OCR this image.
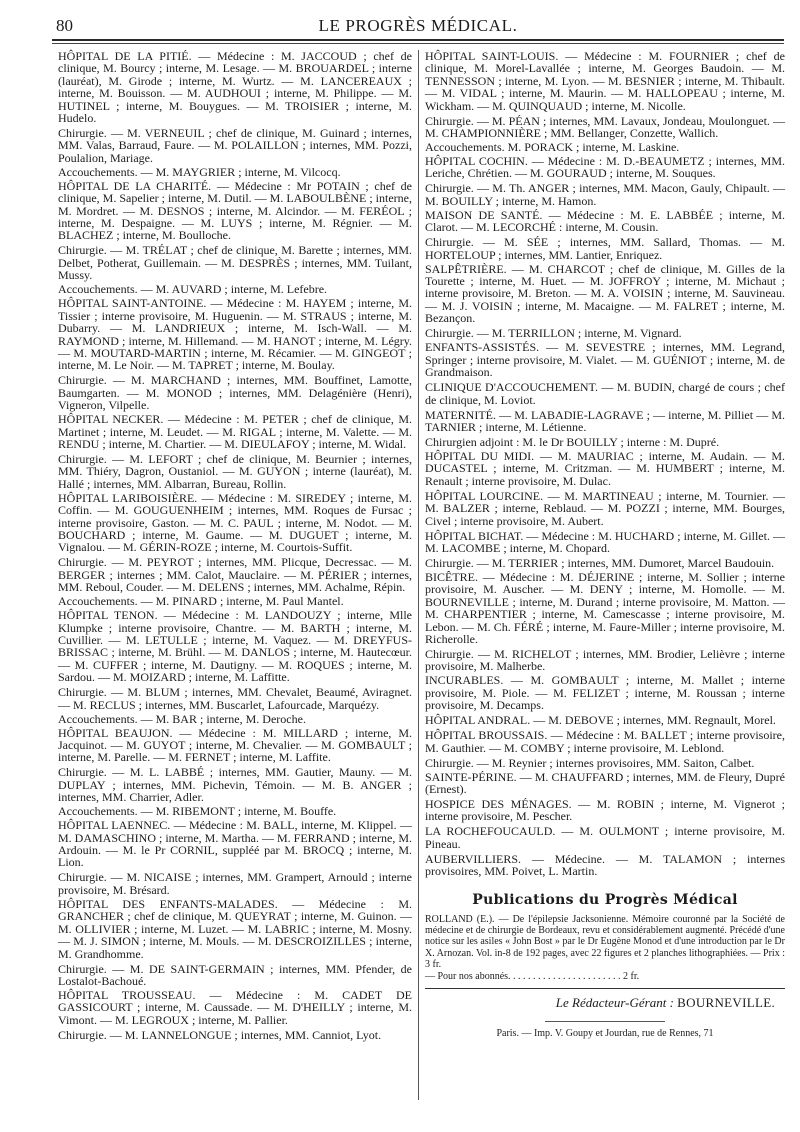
80	LE PROGRÈS MÉDICAL.

HÔPITAL DE LA PITIÉ. — Médecine : M. JACCOUD ; chef de clinique, M. Bourcy ; interne, M. Lesage. — M. BROUARDEL ; interne (lauréat), M. Girode ; interne, M. Wurtz. — M. LANCEREAUX ; interne, M. Bouisson. — M. AUDHOUI ; interne, M. Philippe. — M. HUTINEL ; interne, M. Bouygues. — M. TROISIER ; interne, M. Hudelo.

Chirurgie. — M. VERNEUIL ; chef de clinique, M. Guinard ; internes, MM. Valas, Barraud, Faure. — M. POLAILLON ; internes, MM. Pozzi, Poulalion, Mariage.

Accouchements. — M. MAYGRIER ; interne, M. Vilcocq.

HÔPITAL DE LA CHARITÉ. — Médecine : Mr POTAIN ; chef de clinique, M. Sapelier ; interne, M. Dutil. — M. LABOULBÈNE ; interne, M. Mordret. — M. DESNOS ; interne, M. Alcindor. — M. FERÉOL ; interne, M. Despaigne. — M. LUYS ; interne, M. Régnier. — M. BLACHEZ ; interne, M. Boulloche.

Chirurgie. — M. TRÉLAT ; chef de clinique, M. Barette ; internes, MM. Delbet, Potherat, Guillemain. — M. DESPRÈS ; internes, MM. Tuilant, Mussy.

Accouchements. — M. AUVARD ; interne, M. Lefebre.

HÔPITAL SAINT-ANTOINE. — Médecine : M. HAYEM ; interne, M. Tissier ; interne provisoire, M. Huguenin. — M. STRAUS ; interne, M. Dubarry. — M. LANDRIEUX ; interne, M. Isch-Wall. — M. RAYMOND ; interne, M. Hillemand. — M. HANOT ; interne, M. Légry. — M. MOUTARD-MARTIN ; interne, M. Récamier. — M. GINGEOT ; interne, M. Le Noir. — M. TAPRET ; interne, M. Boulay.

Chirurgie. — M. MARCHAND ; internes, MM. Bouffinet, Lamotte, Baumgarten. — M. MONOD ; internes, MM. Delagénière (Henri), Vigneron, Vilpelle.

HÔPITAL NECKER. — Médecine : M. PETER ; chef de clinique, M. Martinet ; interne, M. Leudet. — M. RIGAL ; interne, M. Valette. — M. RENDU ; interne, M. Chartier. — M. DIEULAFOY ; interne, M. Widal.

Chirurgie. — M. LEFORT ; chef de clinique, M. Beurnier ; internes, MM. Thiéry, Dagron, Oustaniol. — M. GUYON ; interne (lauréat), M. Hallé ; internes, MM. Albarran, Bureau, Rollin.

HÔPITAL LARIBOISIÈRE. — Médecine : M. SIREDEY ; interne, M. Coffin. — M. GOUGUENHEIM ; internes, MM. Roques de Fursac ; interne provisoire, Gaston. — M. C. PAUL ; interne, M. Nodot. — M. BOUCHARD ; interne, M. Gaume. — M. DUGUET ; interne, M. Vignalou. — M. GÉRIN-ROZE ; interne, M. Courtois-Suffit.

Chirurgie. — M. PEYROT ; internes, MM. Plicque, Decressac. — M. BERGER ; internes ; MM. Calot, Mauclaire. — M. PÉRIER ; internes, MM. Reboul, Couder. — M. DELENS ; internes, MM. Achalme, Répin.

Accouchements. — M. PINARD ; interne, M. Paul Mantel.

HÔPITAL TENON. — Médecine : M. LANDOUZY ; interne, Mlle Klumpke ; interne provisoire, Chantre. — M. BARTH ; interne, M. Cuvillier. — M. LETULLE ; interne, M. Vaquez. — M. DREYFUS-BRISSAC ; interne, M. Brühl. — M. DANLOS ; interne, M. Hautecœur. — M. CUFFER ; interne, M. Dautigny. — M. ROQUES ; interne, M. Sardou. — M. MOIZARD ; interne, M. Laffitte.

Chirurgie. — M. BLUM ; internes, MM. Chevalet, Beaumé, Aviragnet. — M. RECLUS ; internes, MM. Buscarlet, Lafourcade, Marquézy.

Accouchements. — M. BAR ; interne, M. Deroche.

HÔPITAL BEAUJON. — Médecine : M. MILLARD ; interne, M. Jacquinot. — M. GUYOT ; interne, M. Chevalier. — M. GOMBAULT ; interne, M. Parelle. — M. FERNET ; interne, M. Laffite.

Chirurgie. — M. L. LABBÉ ; internes, MM. Gautier, Mauny. — M. DUPLAY ; internes, MM. Pichevin, Témoin. — M. B. ANGER ; internes, MM. Charrier, Adler.

Accouchements. — M. RIBEMONT ; interne, M. Bouffe.

HÔPITAL LAENNEC. — Médecine : M. BALL, interne, M. Klippel. — M. DAMASCHINO ; interne, M. Martha. — M. FERRAND ; interne, M. Ardouin. — M. le Pr CORNIL, suppléé par M. BROCQ ; interne, M. Lion.

Chirurgie. — M. NICAISE ; internes, MM. Grampert, Arnould ; interne provisoire, M. Brésard.

HÔPITAL DES ENFANTS-MALADES. — Médecine : M. GRANCHER ; chef de clinique, M. QUEYRAT ; interne, M. Guinon. — M. OLLIVIER ; interne, M. Luzet. — M. LABRIC ; interne, M. Mosny. — M. J. SIMON ; interne, M. Mouls. — M. DESCROIZILLES ; interne, M. Grandhomme.

Chirurgie. — M. DE SAINT-GERMAIN ; internes, MM. Pfender, de Lostalot-Bachoué.

HÔPITAL TROUSSEAU. — Médecine : M. CADET DE GASSICOURT ; interne, M. Caussade. — M. D'HEILLY ; interne, M. Vimont. — M. LEGROUX ; interne, M. Pallier.

Chirurgie. — M. LANNELONGUE ; internes, MM. Canniot, Lyot.

HÔPITAL SAINT-LOUIS. — Médecine : M. FOURNIER ; chef de clinique, M. Morel-Lavallée ; interne, M. Georges Baudoin. — M. TENNESSON ; interne, M. Lyon. — M. BESNIER ; interne, M. Thibault. — M. VIDAL ; interne, M. Maurin. — M. HALLOPEAU ; interne, M. Wickham. — M. QUINQUAUD ; interne, M. Nicolle.

Chirurgie. — M. PÉAN ; internes, MM. Lavaux, Jondeau, Moulonguet. — M. CHAMPIONNIÈRE ; MM. Bellanger, Conzette, Wallich.

Accouchements. M. PORACK ; interne, M. Laskine.

HÔPITAL COCHIN. — Médecine : M. D.-BEAUMETZ ; internes, MM. Leriche, Chrétien. — M. GOURAUD ; interne, M. Souques.

Chirurgie. — M. Th. ANGER ; internes, MM. Macon, Gauly, Chipault. — M. BOUILLY ; interne, M. Hamon.

MAISON DE SANTÉ. — Médecine : M. E. LABBÉE ; interne, M. Clarot. — M. LECORCHÉ : interne, M. Cousin.

Chirurgie. — M. SÉE ; internes, MM. Sallard, Thomas. — M. HORTELOUP ; internes, MM. Lantier, Enriquez.

SALPÊTRIÈRE. — M. CHARCOT ; chef de clinique, M. Gilles de la Tourette ; interne, M. Huet. — M. JOFFROY ; interne, M. Michaut ; interne provisoire, M. Breton. — M. A. VOISIN ; interne, M. Sauvineau. — M. J. VOISIN ; interne, M. Macaigne. — M. FALRET ; interne, M. Bezançon.

Chirurgie. — M. TERRILLON ; interne, M. Vignard.

ENFANTS-ASSISTÉS. — M. SEVESTRE ; internes, MM. Legrand, Springer ; interne provisoire, M. Vialet. — M. GUÉNIOT ; interne, M. de Grandmaison.

CLINIQUE D'ACCOUCHEMENT. — M. BUDIN, chargé de cours ; chef de clinique, M. Loviot.

MATERNITÉ. — M. LABADIE-LAGRAVE ; — interne, M. Pilliet — M. TARNIER ; interne, M. Létienne.

Chirurgien adjoint : M. le Dr BOUILLY ; interne : M. Dupré.

HÔPITAL DU MIDI. — M. MAURIAC ; interne, M. Audain. — M. DUCASTEL ; interne, M. Critzman. — M. HUMBERT ; interne, M. Renault ; interne provisoire, M. Dulac.

HÔPITAL LOURCINE. — M. MARTINEAU ; interne, M. Tournier. — M. BALZER ; interne, Reblaud. — M. POZZI ; interne, MM. Bourges, Civel ; interne provisoire, M. Aubert.

HÔPITAL BICHAT. — Médecine : M. HUCHARD ; interne, M. Gillet. — M. LACOMBE ; interne, M. Chopard.

Chirurgie. — M. TERRIER ; internes, MM. Dumoret, Marcel Baudouin.

BICÊTRE. — Médecine : M. DÉJERINE ; interne, M. Sollier ; interne provisoire, M. Auscher. — M. DENY ; interne, M. Homolle. — M. BOURNEVILLE ; interne, M. Durand ; interne provisoire, M. Matton. — M. CHARPENTIER ; interne, M. Camescasse ; interne provisoire, M. Lebon. — M. Ch. FÉRÉ ; interne, M. Faure-Miller ; interne provisoire, M. Richerolle.

Chirurgie. — M. RICHELOT ; internes, MM. Brodier, Lelièvre ; interne provisoire, M. Malherbe.

INCURABLES. — M. GOMBAULT ; interne, M. Mallet ; interne provisoire, M. Piole. — M. FELIZET ; interne, M. Roussan ; interne provisoire, M. Decamps.

HÔPITAL ANDRAL. — M. DEBOVE ; internes, MM. Regnault, Morel.

HÔPITAL BROUSSAIS. — Médecine : M. BALLET ; interne provisoire, M. Gauthier. — M. COMBY ; interne provisoire, M. Leblond.

Chirurgie. — M. Reynier ; internes provisoires, MM. Saiton, Calbet.

SAINTE-PÉRINE. — M. CHAUFFARD ; internes, MM. de Fleury, Dupré (Ernest).

HOSPICE DES MÉNAGES. — M. ROBIN ; interne, M. Vignerot ; interne provisoire, M. Pescher.

LA ROCHEFOUCAULD. — M. OULMONT ; interne provisoire, M. Pineau.

AUBERVILLIERS. — Médecine. — M. TALAMON ; internes provisoires, MM. Poivet, L. Martin.

Publications du Progrès Médical

ROLLAND (E.). — De l'épilepsie Jacksonienne. Mémoire couronné par la Société de médecine et de chirurgie de Bordeaux, revu et considérablement augmenté. Précédé d'une notice sur les asiles « John Bost » par le Dr Eugène Monod et d'une introduction par le Dr X. Arnozan. Vol. in-8 de 192 pages, avec 22 figures et 2 planches lithographiées. — Prix : 3 fr.

— Pour nos abonnés. . . . . . . . . . . . . . . . . . . . . . . 2 fr.

Le Rédacteur-Gérant : BOURNEVILLE.

Paris. — Imp. V. Goupy et Jourdan, rue de Rennes, 71
